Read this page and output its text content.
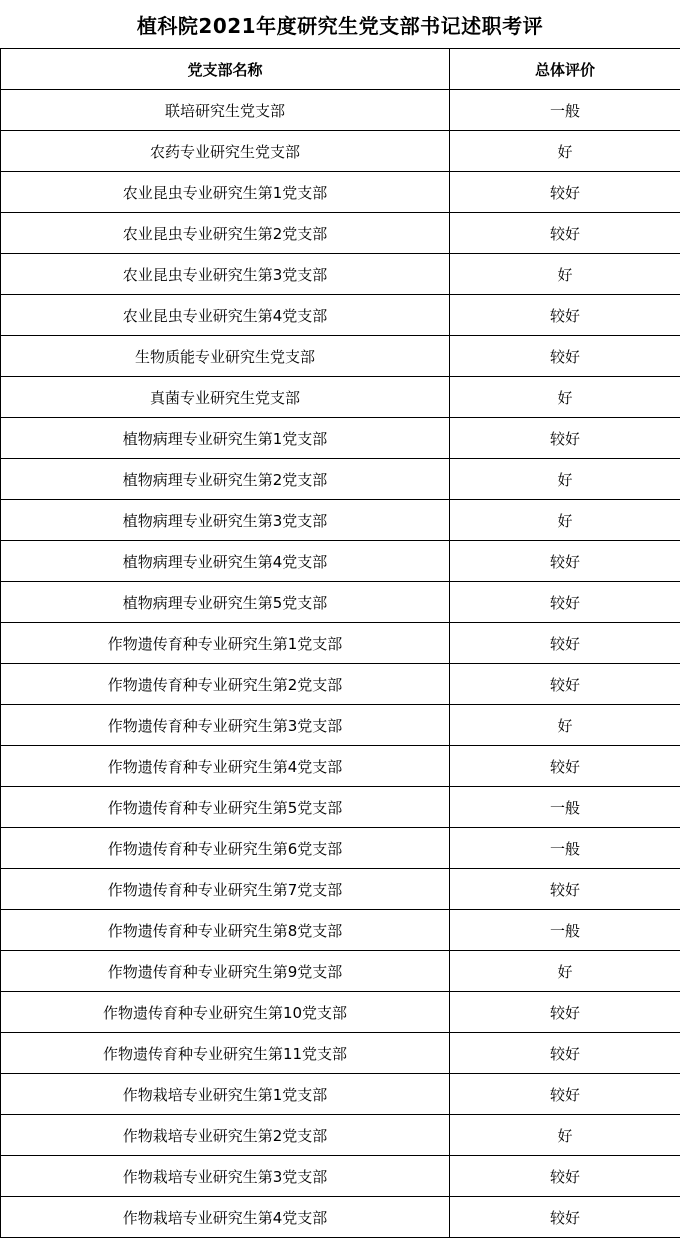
植科院2021年度研究生党支部书记述职考评
党支部名称	总体评价
联培研究生党支部	一般
农药专业研究生党支部	好
农业昆虫专业研究生第1党支部	较好
农业昆虫专业研究生第2党支部	较好
农业昆虫专业研究生第3党支部	好
农业昆虫专业研究生第4党支部	较好
生物质能专业研究生党支部	较好
真菌专业研究生党支部	好
植物病理专业研究生第1党支部	较好
植物病理专业研究生第2党支部	好
植物病理专业研究生第3党支部	好
植物病理专业研究生第4党支部	较好
植物病理专业研究生第5党支部	较好
作物遗传育种专业研究生第1党支部	较好
作物遗传育种专业研究生第2党支部	较好
作物遗传育种专业研究生第3党支部	好
作物遗传育种专业研究生第4党支部	较好
作物遗传育种专业研究生第5党支部	一般
作物遗传育种专业研究生第6党支部	一般
作物遗传育种专业研究生第7党支部	较好
作物遗传育种专业研究生第8党支部	一般
作物遗传育种专业研究生第9党支部	好
作物遗传育种专业研究生第10党支部	较好
作物遗传育种专业研究生第11党支部	较好
作物栽培专业研究生第1党支部	较好
作物栽培专业研究生第2党支部	好
作物栽培专业研究生第3党支部	较好
作物栽培专业研究生第4党支部	较好
